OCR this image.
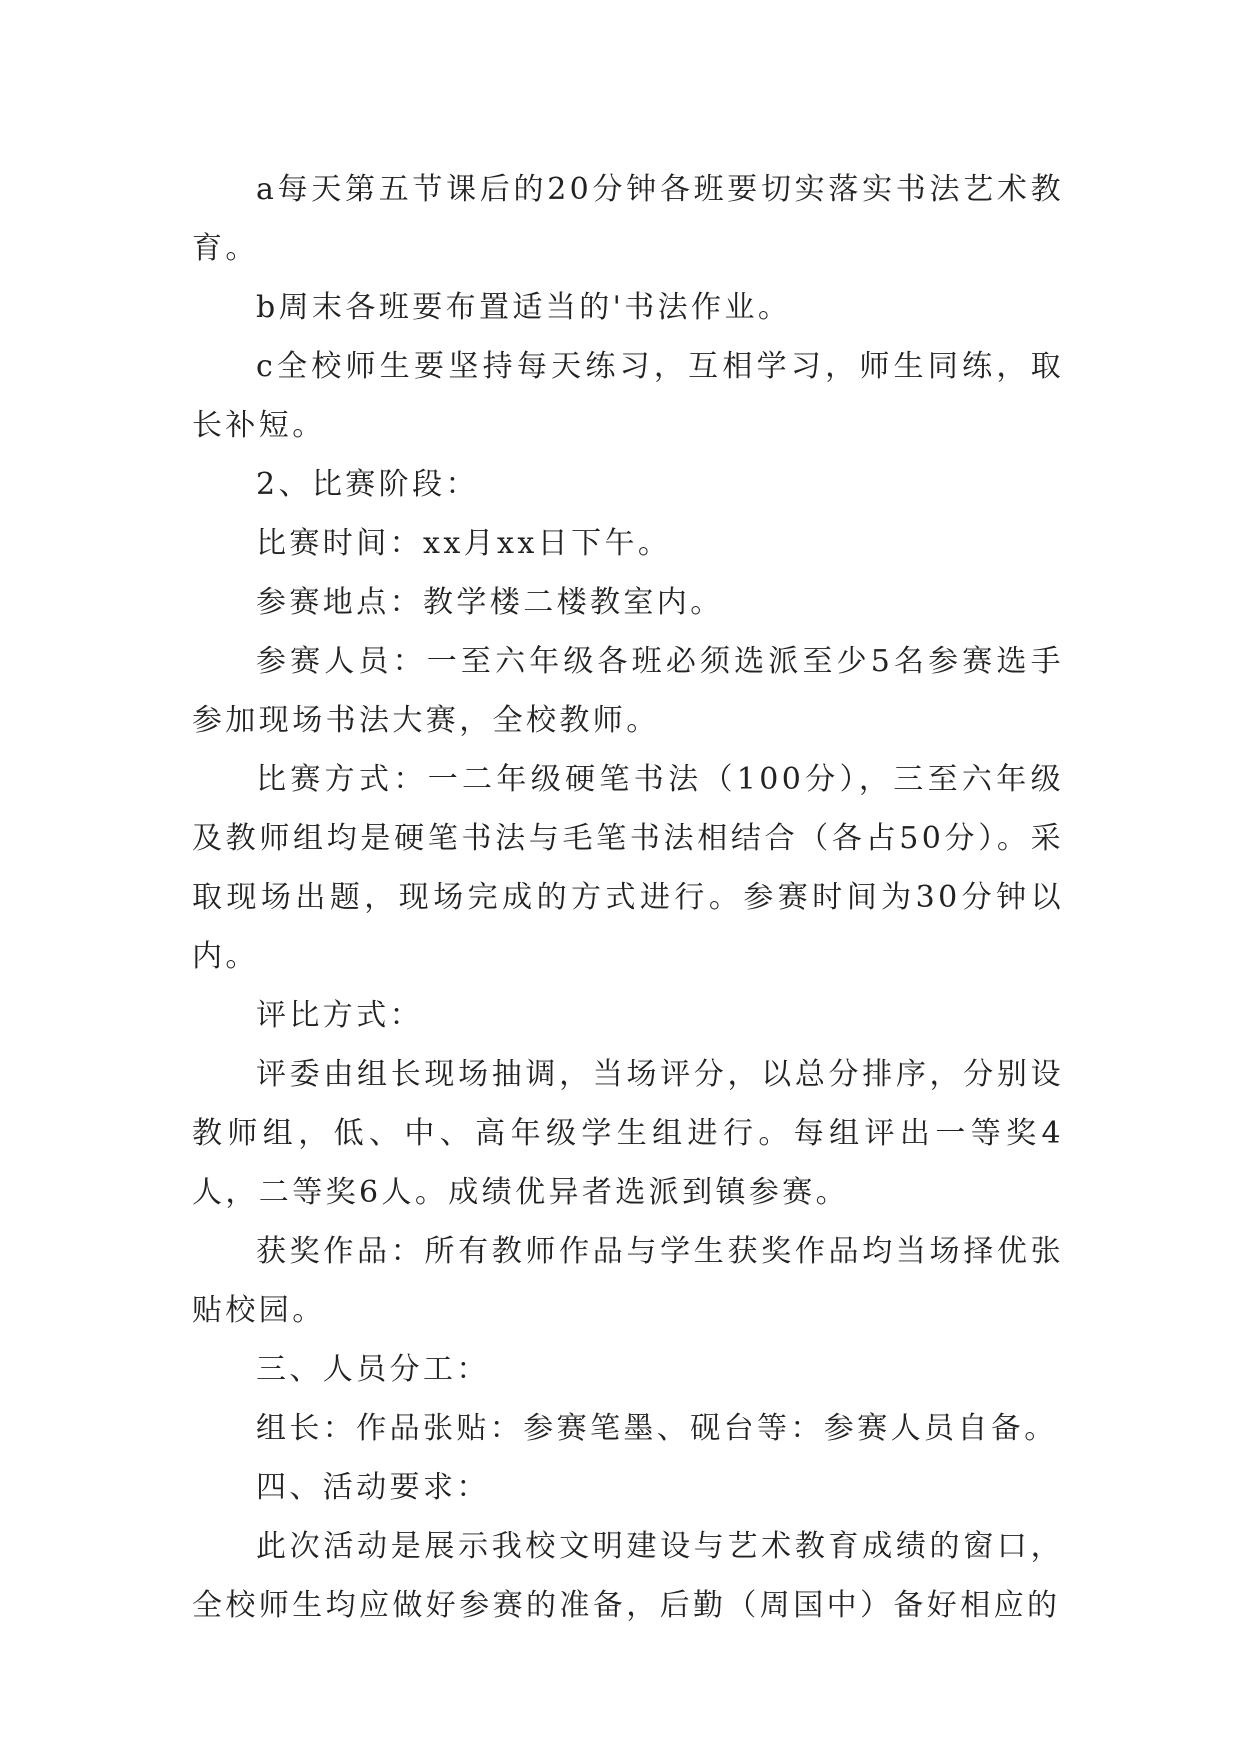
a每天第五节课后的20分钟各班要切实落实书法艺术教育。

b周末各班要布置适当的'书法作业。

c全校师生要坚持每天练习，互相学习，师生同练，取长补短。

2、比赛阶段：

比赛时间：xx月xx日下午。

参赛地点：教学楼二楼教室内。

参赛人员：一至六年级各班必须选派至少5名参赛选手参加现场书法大赛，全校教师。

比赛方式：一二年级硬笔书法（100分），三至六年级及教师组均是硬笔书法与毛笔书法相结合（各占50分）。采取现场出题，现场完成的方式进行。参赛时间为30分钟以内。

评比方式：

评委由组长现场抽调，当场评分，以总分排序，分别设教师组，低、中、高年级学生组进行。每组评出一等奖4人，二等奖6人。成绩优异者选派到镇参赛。

获奖作品：所有教师作品与学生获奖作品均当场择优张贴校园。

三、人员分工：

组长：作品张贴：参赛笔墨、砚台等：参赛人员自备。

四、活动要求：

此次活动是展示我校文明建设与艺术教育成绩的窗口，全校师生均应做好参赛的准备，后勤（周国中）备好相应的
